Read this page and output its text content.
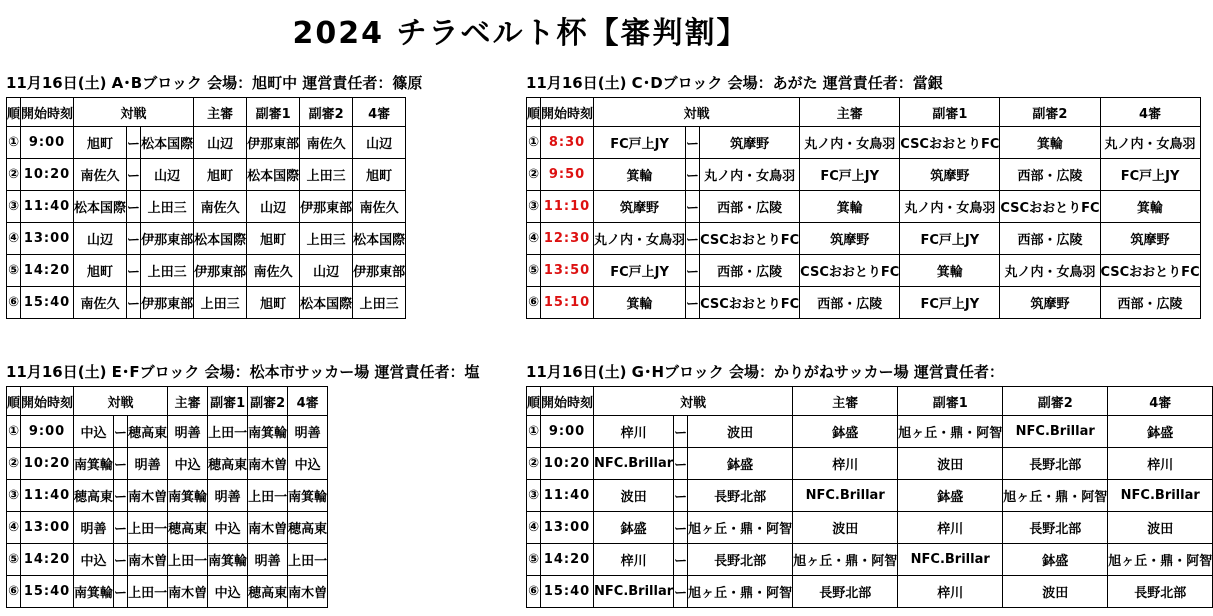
2024 チラベルト杯【審判割】
11月16日(土) A･Bブロック 会場：旭町中 運営責任者：篠原
順	開始時刻	対戦			主審	副審1	副審2	4審
①	9:00	旭町	ー	松本国際	山辺	伊那東部	南佐久	山辺
②	10:20	南佐久	ー	山辺	旭町	松本国際	上田三	旭町
③	11:40	松本国際	ー	上田三	南佐久	山辺	伊那東部	南佐久
④	13:00	山辺	ー	伊那東部	松本国際	旭町	上田三	松本国際
⑤	14:20	旭町	ー	上田三	伊那東部	南佐久	山辺	伊那東部
⑥	15:40	南佐久	ー	伊那東部	上田三	旭町	松本国際	上田三
11月16日(土) C･Dブロック 会場：あがた 運営責任者：當銀
順	開始時刻	対戦			主審	副審1	副審2	4審
①	8:30	FC戸上JY	ー	筑摩野	丸ノ内・女鳥羽	CSCおおとりFC	箕輪	丸ノ内・女鳥羽
②	9:50	箕輪	ー	丸ノ内・女鳥羽	FC戸上JY	筑摩野	西部・広陵	FC戸上JY
③	11:10	筑摩野	ー	西部・広陵	箕輪	丸ノ内・女鳥羽	CSCおおとりFC	箕輪
④	12:30	丸ノ内・女鳥羽	ー	CSCおおとりFC	筑摩野	FC戸上JY	西部・広陵	筑摩野
⑤	13:50	FC戸上JY	ー	西部・広陵	CSCおおとりFC	箕輪	丸ノ内・女鳥羽	CSCおおとりFC
⑥	15:10	箕輪	ー	CSCおおとりFC	西部・広陵	FC戸上JY	筑摩野	西部・広陵
11月16日(土) E･Fブロック 会場：松本市サッカー場 運営責任者：塩
順	開始時刻	対戦			主審	副審1	副審2	4審
①	9:00	中込	ー	穂高東	明善	上田一	南箕輪	明善
②	10:20	南箕輪	ー	明善	中込	穂高東	南木曽	中込
③	11:40	穂高東	ー	南木曽	南箕輪	明善	上田一	南箕輪
④	13:00	明善	ー	上田一	穂高東	中込	南木曽	穂高東
⑤	14:20	中込	ー	南木曽	上田一	南箕輪	明善	上田一
⑥	15:40	南箕輪	ー	上田一	南木曽	中込	穂高東	南木曽
11月16日(土) G･Hブロック 会場：かりがねサッカー場 運営責任者：
順	開始時刻	対戦			主審	副審1	副審2	4審
①	9:00	梓川	ー	波田	鉢盛	旭ヶ丘・鼎・阿智	NFC.Brillar	鉢盛
②	10:20	NFC.Brillar	ー	鉢盛	梓川	波田	長野北部	梓川
③	11:40	波田	ー	長野北部	NFC.Brillar	鉢盛	旭ヶ丘・鼎・阿智	NFC.Brillar
④	13:00	鉢盛	ー	旭ヶ丘・鼎・阿智	波田	梓川	長野北部	波田
⑤	14:20	梓川	ー	長野北部	旭ヶ丘・鼎・阿智	NFC.Brillar	鉢盛	旭ヶ丘・鼎・阿智
⑥	15:40	NFC.Brillar	ー	旭ヶ丘・鼎・阿智	長野北部	梓川	波田	長野北部
